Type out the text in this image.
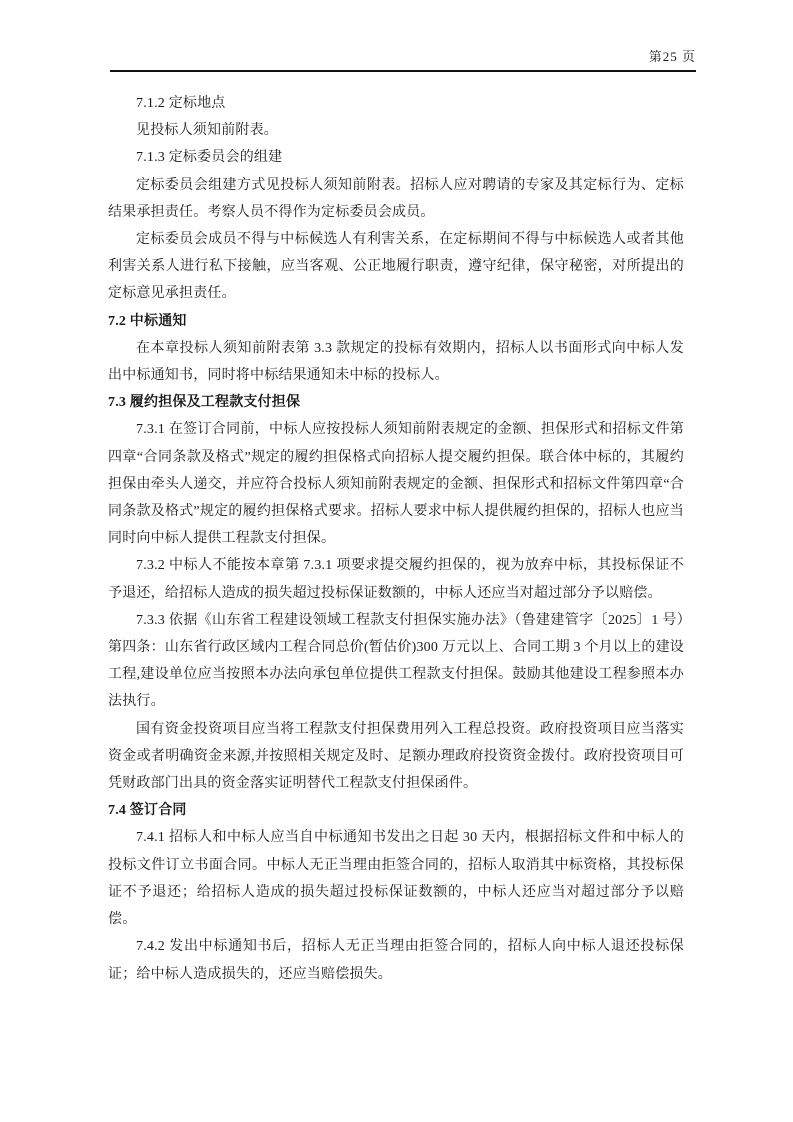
第25 页

7.1.2 定标地点

见投标人须知前附表。

7.1.3 定标委员会的组建

定标委员会组建方式见投标人须知前附表。招标人应对聘请的专家及其定标行为、定标结果承担责任。考察人员不得作为定标委员会成员。

定标委员会成员不得与中标候选人有利害关系，在定标期间不得与中标候选人或者其他利害关系人进行私下接触，应当客观、公正地履行职责，遵守纪律，保守秘密，对所提出的定标意见承担责任。

7.2 中标通知

在本章投标人须知前附表第 3.3 款规定的投标有效期内，招标人以书面形式向中标人发出中标通知书，同时将中标结果通知未中标的投标人。

7.3 履约担保及工程款支付担保

7.3.1 在签订合同前，中标人应按投标人须知前附表规定的金额、担保形式和招标文件第四章“合同条款及格式”规定的履约担保格式向招标人提交履约担保。联合体中标的，其履约担保由牵头人递交，并应符合投标人须知前附表规定的金额、担保形式和招标文件第四章“合同条款及格式”规定的履约担保格式要求。招标人要求中标人提供履约担保的，招标人也应当同时向中标人提供工程款支付担保。

7.3.2 中标人不能按本章第 7.3.1 项要求提交履约担保的，视为放弃中标，其投标保证不予退还，给招标人造成的损失超过投标保证数额的，中标人还应当对超过部分予以赔偿。

7.3.3 依据《山东省工程建设领域工程款支付担保实施办法》（鲁建建管字〔2025〕1 号）第四条：山东省行政区域内工程合同总价(暂估价)300 万元以上、合同工期 3 个月以上的建设工程,建设单位应当按照本办法向承包单位提供工程款支付担保。鼓励其他建设工程参照本办法执行。

国有资金投资项目应当将工程款支付担保费用列入工程总投资。政府投资项目应当落实资金或者明确资金来源,并按照相关规定及时、足额办理政府投资资金拨付。政府投资项目可凭财政部门出具的资金落实证明替代工程款支付担保函件。

7.4 签订合同

7.4.1 招标人和中标人应当自中标通知书发出之日起 30 天内，根据招标文件和中标人的投标文件订立书面合同。中标人无正当理由拒签合同的，招标人取消其中标资格，其投标保证不予退还；给招标人造成的损失超过投标保证数额的，中标人还应当对超过部分予以赔偿。

7.4.2 发出中标通知书后，招标人无正当理由拒签合同的，招标人向中标人退还投标保证；给中标人造成损失的，还应当赔偿损失。
